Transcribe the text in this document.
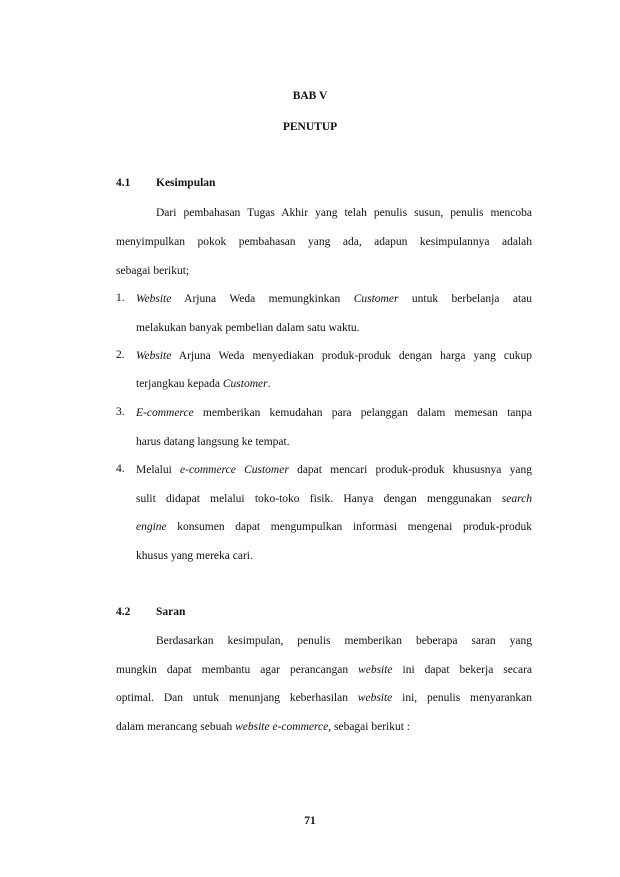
BAB V
PENUTUP
4.1 Kesimpulan
Dari pembahasan Tugas Akhir yang telah penulis susun, penulis mencoba
menyimpulkan pokok pembahasan yang ada, adapun kesimpulannya adalah
sebagai berikut;
1. Website Arjuna Weda memungkinkan Customer untuk berbelanja atau
melakukan banyak pembelian dalam satu waktu.
2. Website Arjuna Weda menyediakan produk-produk dengan harga yang cukup
terjangkau kepada Customer.
3. E-commerce memberikan kemudahan para pelanggan dalam memesan tanpa
harus datang langsung ke tempat.
4. Melalui e-commerce Customer dapat mencari produk-produk khususnya yang
sulit didapat melalui toko-toko fisik. Hanya dengan menggunakan search
engine konsumen dapat mengumpulkan informasi mengenai produk-produk
khusus yang mereka cari.
4.2 Saran
Berdasarkan kesimpulan, penulis memberikan beberapa saran yang
mungkin dapat membantu agar perancangan website ini dapat bekerja secara
optimal. Dan untuk menunjang keberhasilan website ini, penulis menyarankan
dalam merancang sebuah website e-commerce, sebagai berikut :
71
